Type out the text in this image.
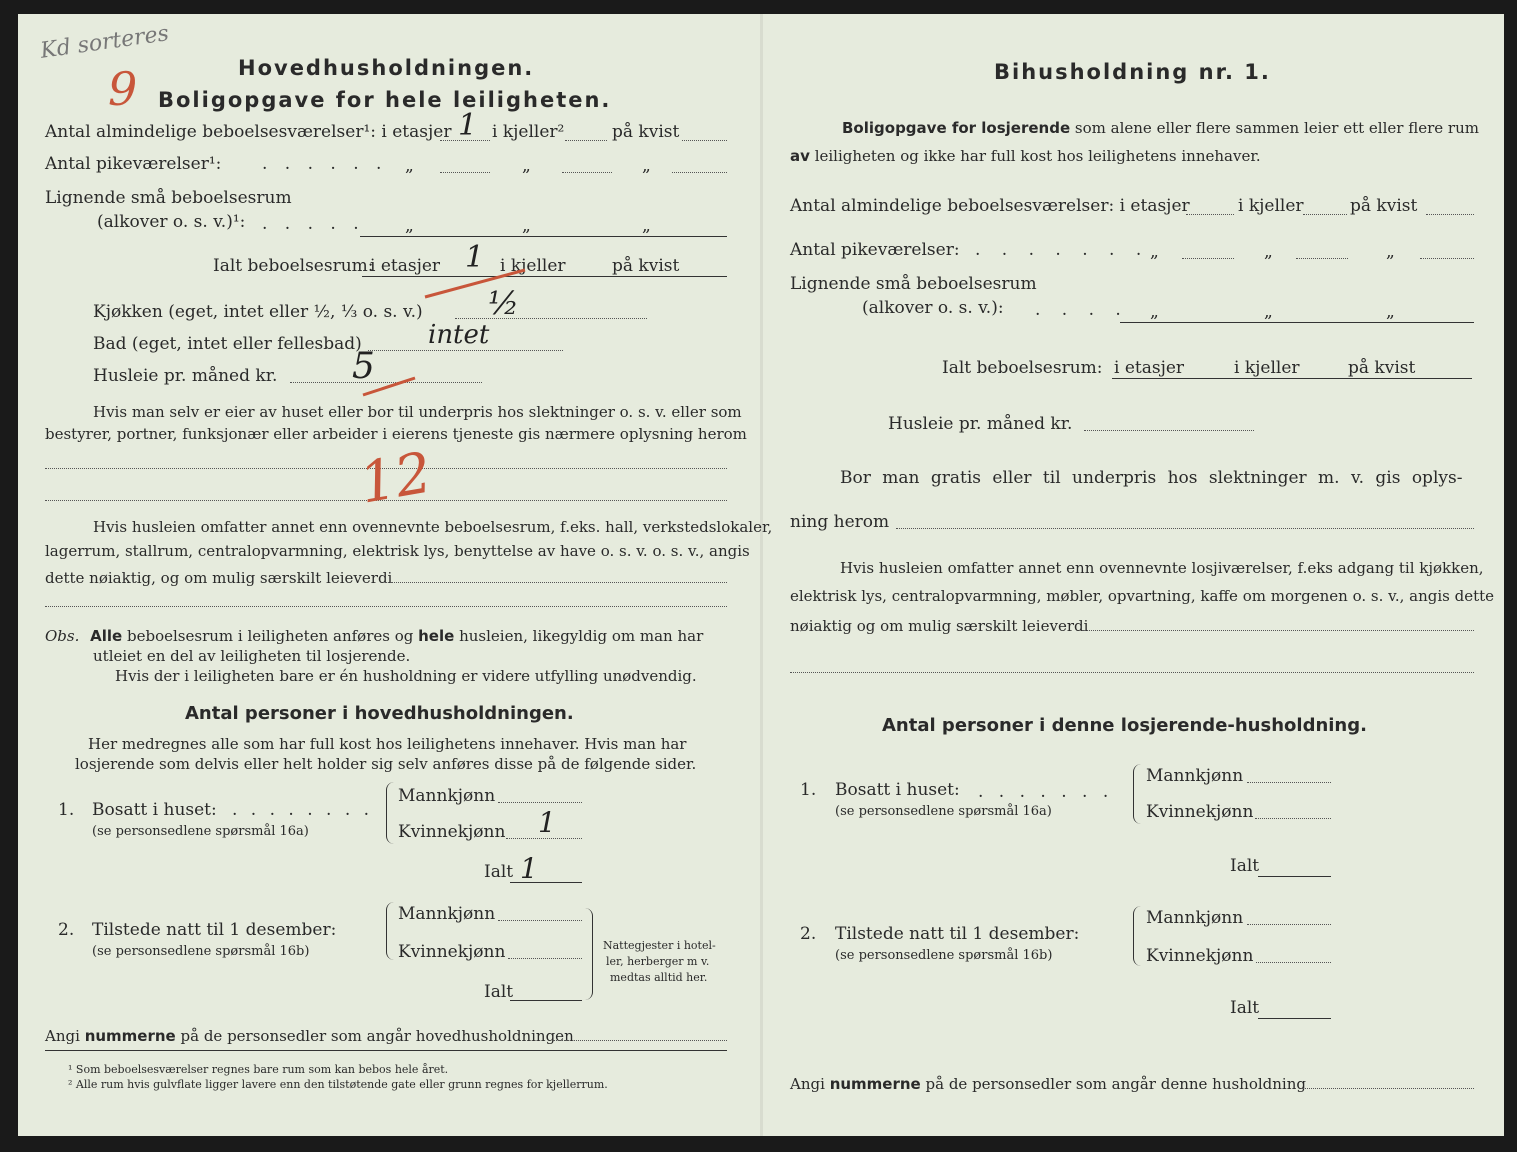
Kd sorteres
9	Hovedhusholdningen.
Boligopgave for hele leiligheten.
Antal almindelige beboelsesværelser¹: i etasjer 1 i kjeller²	på kvist
Antal pikeværelser¹: . . . . . . „	„	„
Lignende små beboelsesrum
(alkover o. s. v.)¹: . . . . . „	„	„
Ialt beboelsesrum:
i etasjer 1 i kjeller	på kvist
Kjøkken (eget, intet eller ½, ⅓ o. s. v.) ½
Bad (eget, intet eller fellesbad)	intet
Husleie pr. måned kr. 5
Hvis man selv er eier av huset eller bor til underpris hos slektninger o. s. v. eller som
bestyrer, portner, funksjonær eller arbeider i eierens tjeneste gis nærmere oplysning herom
12
Hvis husleien omfatter annet enn ovennevnte beboelsesrum, f.eks. hall, verkstedslokaler,
lagerrum, stallrum, centralopvarmning, elektrisk lys, benyttelse av have o. s. v. o. s. v., angis
dette nøiaktig, og om mulig særskilt leieverdi
Obs. Alle beboelsesrum i leiligheten anføres og hele husleien, likegyldig om man har
utleiet en del av leiligheten til losjerende.
Hvis der i leiligheten bare er én husholdning er videre utfylling unødvendig.
Antal personer i hovedhusholdningen.
Her medregnes alle som har full kost hos leilighetens innehaver. Hvis man har
losjerende som delvis eller helt holder sig selv anføres disse på de følgende sider.
1. Bosatt i huset: . . . . . . . .
(se personsedlene spørsmål 16a)
Mannkjønn
Kvinnekjønn 1
Ialt 1
2. Tilstede natt til 1 desember:
(se personsedlene spørsmål 16b)
Mannkjønn
Kvinnekjønn
Ialt
Nattegjester i hotel-
ler, herberger m v.
medtas alltid her.
Angi nummerne på de personsedler som angår hovedhusholdningen
¹ Som beboelsesværelser regnes bare rum som kan bebos hele året.
² Alle rum hvis gulvflate ligger lavere enn den tilstøtende gate eller grunn regnes for kjellerrum.
Bihusholdning nr. 1.
Boligopgave for losjerende som alene eller flere sammen leier ett eller flere rum
av leiligheten og ikke har full kost hos leilighetens innehaver.
Antal almindelige beboelsesværelser: i etasjer	i kjeller	på kvist
Antal pikeværelser: . . . . . . . „	„	„
Lignende små beboelsesrum
(alkover o. s. v.): . . . . „	„	„
Ialt beboelsesrum: i etasjer	i kjeller	på kvist
Husleie pr. måned kr.
Bor man gratis eller til underpris hos slektninger m. v. gis oplys-
ning herom
Hvis husleien omfatter annet enn ovennevnte losjiværelser, f.eks adgang til kjøkken,
elektrisk lys, centralopvarmning, møbler, opvartning, kaffe om morgenen o. s. v., angis dette
nøiaktig og om mulig særskilt leieverdi
Antal personer i denne losjerende-husholdning.
1. Bosatt i huset: . . . . . . .
(se personsedlene spørsmål 16a)
Mannkjønn
Kvinnekjønn
Ialt
2. Tilstede natt til 1 desember:
(se personsedlene spørsmål 16b)
Mannkjønn
Kvinnekjønn
Ialt
Angi nummerne på de personsedler som angår denne husholdning
